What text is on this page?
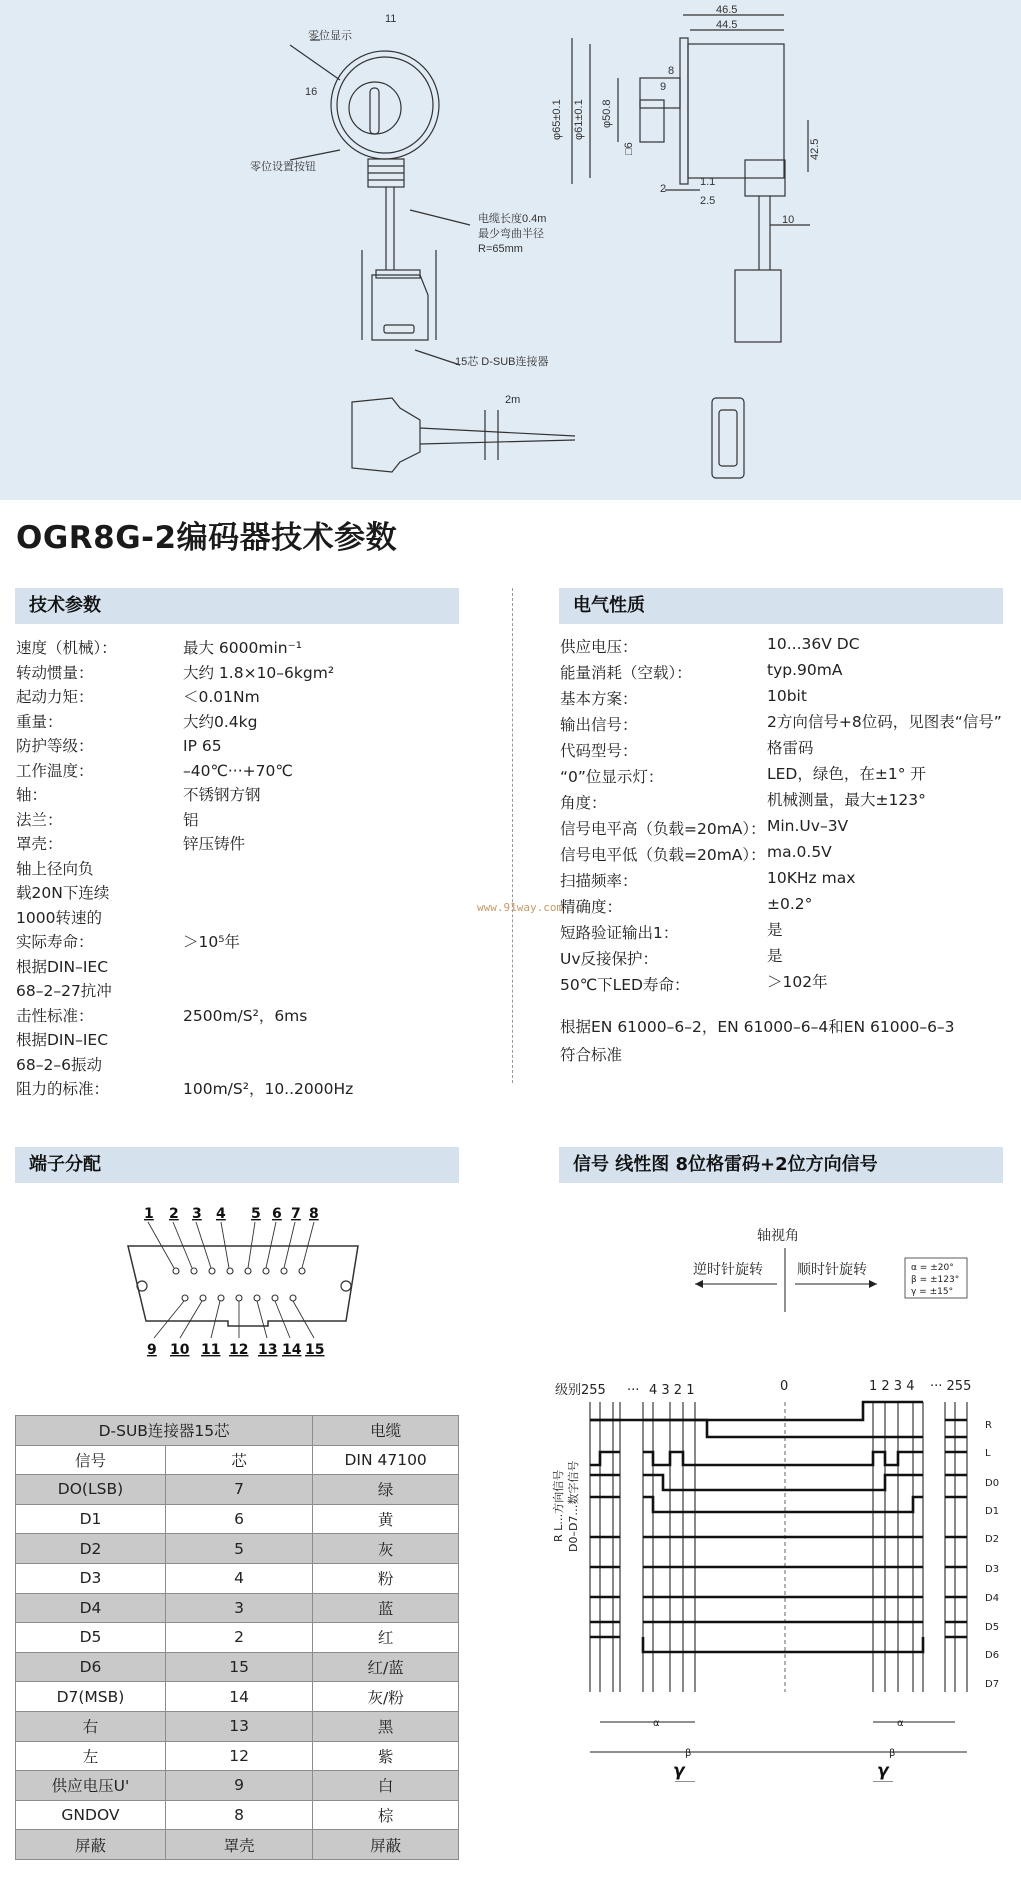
零位显示
零位设置按钮
电缆长度0.4m
最少弯曲半径
R=65mm
15芯 D-SUB连接器
2m
11
16
46.5
44.5
8
9
φ65±0.1 φ61±0.1 φ50.8
□6
2
1.1
2.5
10
42.5
OGR8G-2编码器技术参数
技术参数	电气性质
速度（机械）：	最大 6000min⁻¹
转动惯量：	大约 1.8×10–6kgm²
起动力矩：	＜0.01Nm
重量：	大约0.4kg
防护等级：	IP 65
工作温度：	–40℃···+70℃
轴：	不锈钢方钢
法兰：	铝
罩壳：	锌压铸件
轴上径向负
载20N下连续
1000转速的
实际寿命：	＞10⁵年
根据DIN–IEC
68–2–27抗冲
击性标准：	2500m/S²，6ms
根据DIN–IEC
68–2–6振动
阻力的标准：	100m/S²，10..2000Hz
供应电压：	10...36V DC
能量消耗（空载）：	typ.90mA
基本方案：	10bit
输出信号：	2方向信号+8位码，见图表“信号”
代码型号：	格雷码
“0”位显示灯：	LED，绿色，在±1° 开
角度：	机械测量，最大±123°
信号电平高（负载=20mA）： Min.Uv–3V
信号电平低（负载=20mA）： ma.0.5V
扫描频率：	10KHz max
精确度：	±0.2°
短路验证输出1：	是
Uv反接保护：	是
50℃下LED寿命：	＞102年
根据EN 61000–6–2，EN 61000–6–4和EN 61000–6–3
符合标准
www.91way.com
端子分配	信号 线性图 8位格雷码+2位方向信号
1 2 3 4 5 6 7 8
9 10 11 12 13 14 15
D-SUB连接器15芯		电缆
信号	芯	DIN 47100
DO(LSB)	7	绿
D1	6	黄
D2	5	灰
D3	4	粉
D4	3	蓝
D5	2	红
D6	15	红/蓝
D7(MSB)	14	灰/粉
右	13	黑
左	12	紫
供应电压U'	9	白
GNDOV	8	棕
屏蔽	罩壳	屏蔽
轴视角
逆时针旋转 顺时针旋转	α = ±20°
β = ±123°
γ = ±15°
级别255 ··· 4 3 2 1	0	1 2 3 4 ··· 255
R L…方向信号 D0–D7…数字信号
R
L
D0
D1
D2
D3
D4
D5
D6
D7
α	α
β	β
γ	γ
